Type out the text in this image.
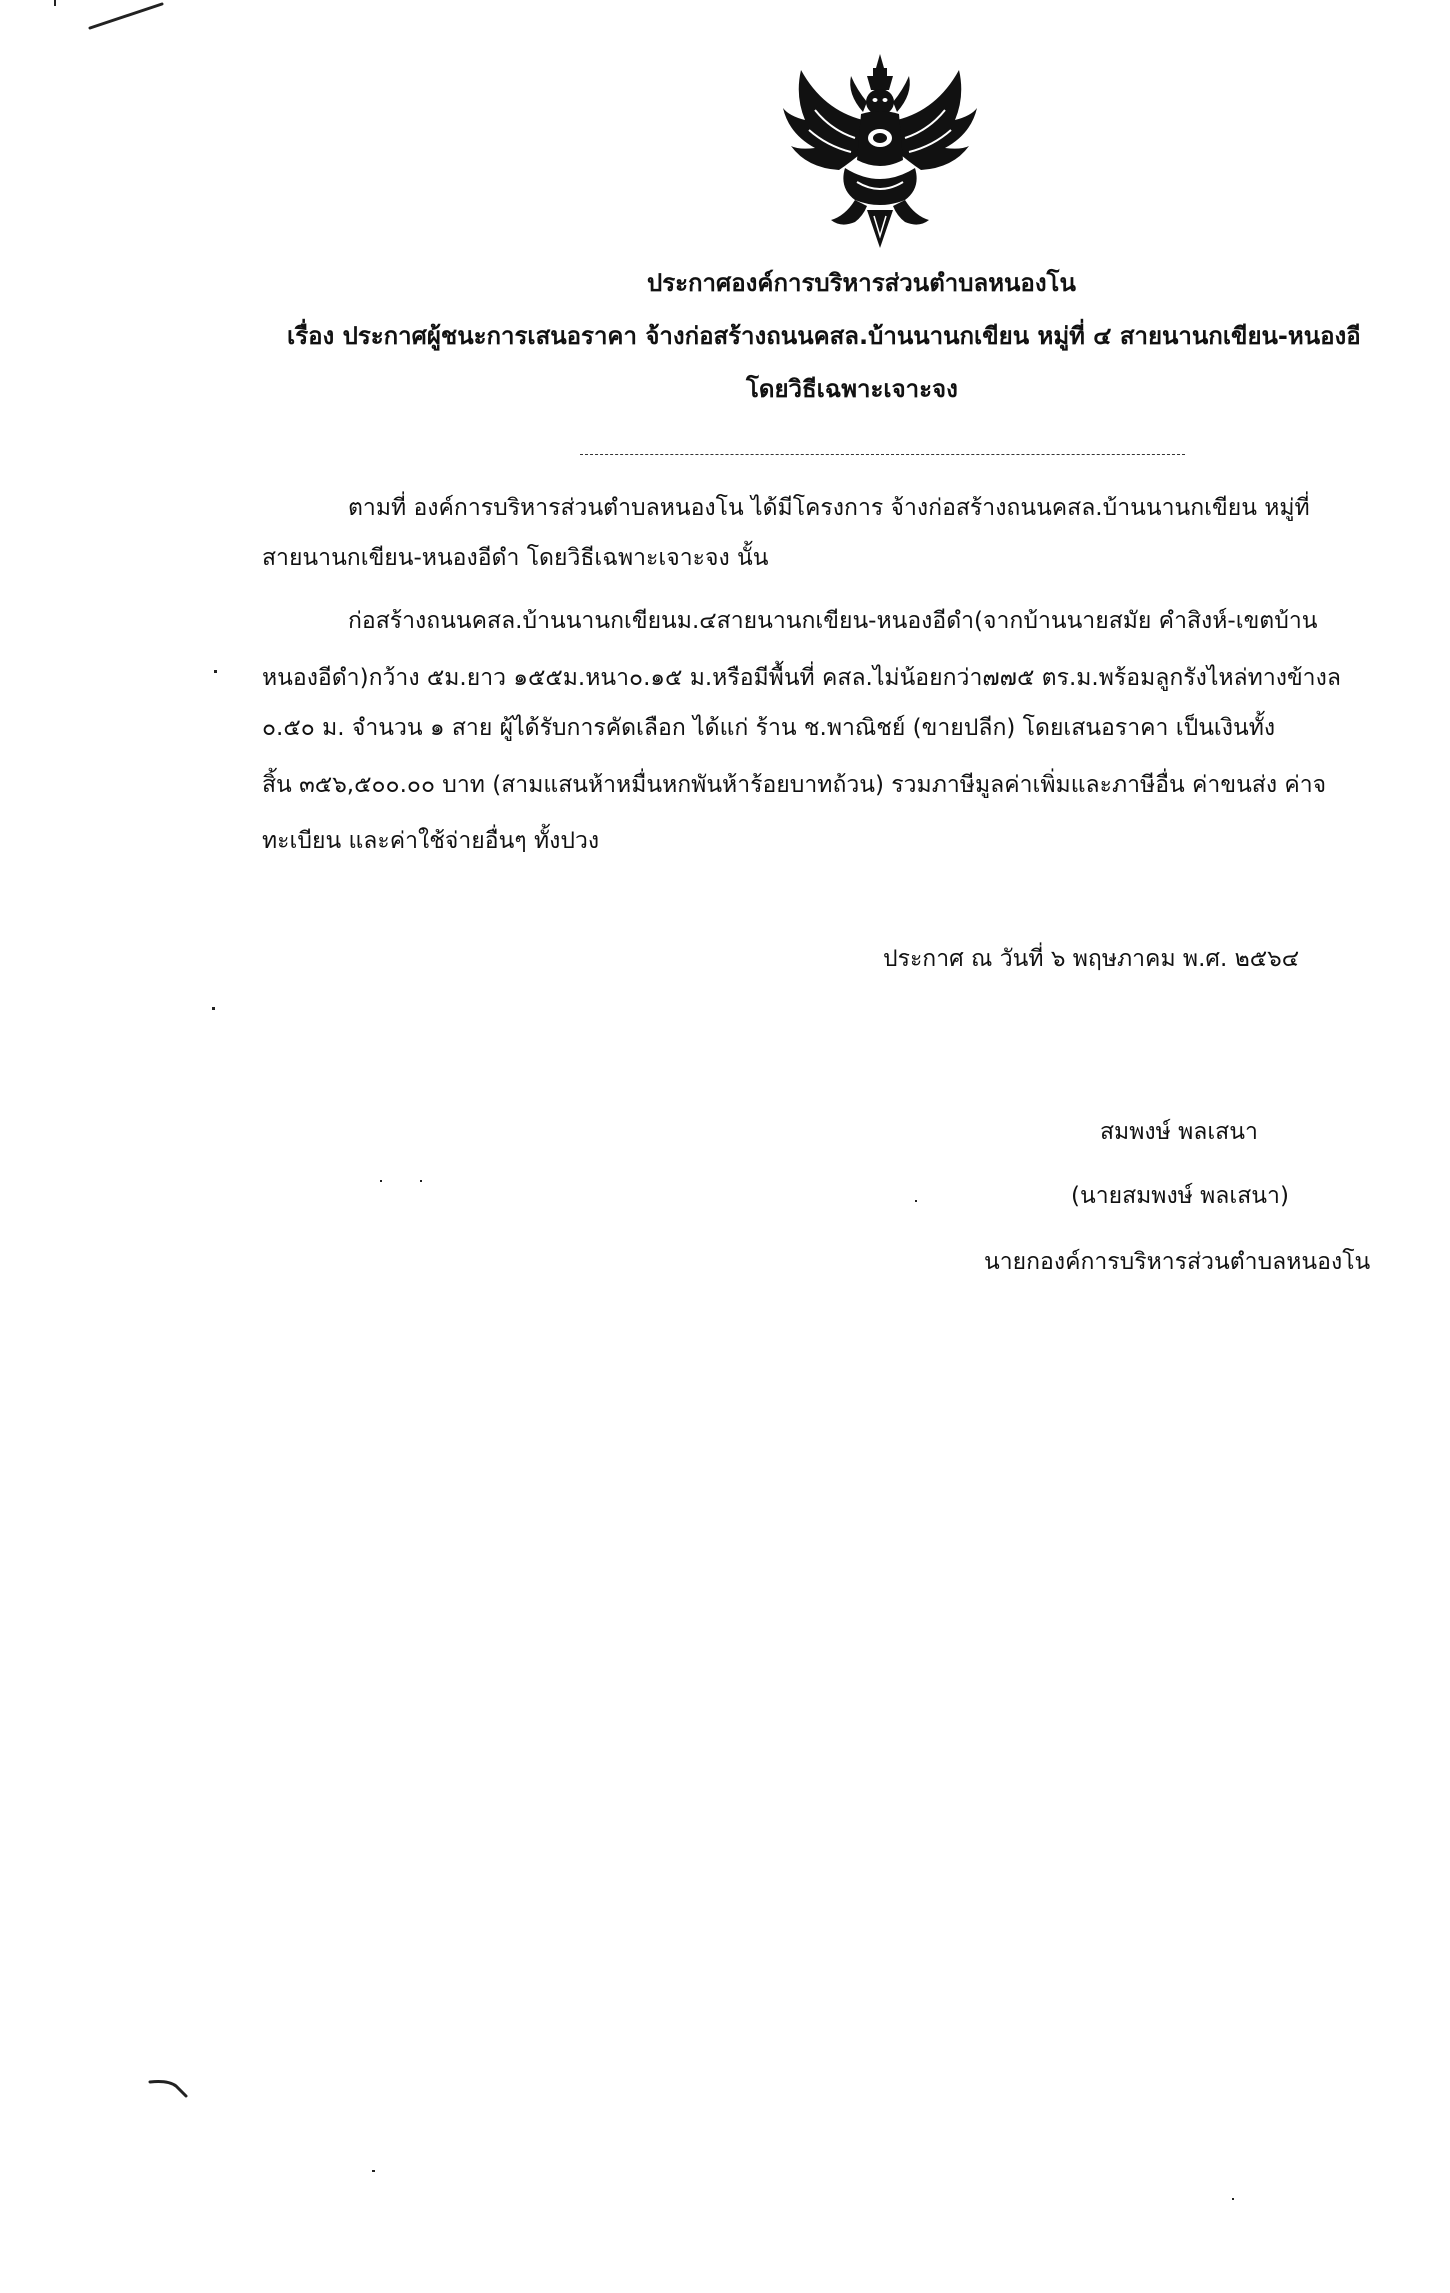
ประกาศองค์การบริหารส่วนตำบลหนองโน
เรื่อง ประกาศผู้ชนะการเสนอราคา จ้างก่อสร้างถนนคสล.บ้านนานกเขียน หมู่ที่ ๔ สายนานกเขียน-หนองอี
โดยวิธีเฉพาะเจาะจง
ตามที่ องค์การบริหารส่วนตำบลหนองโน ได้มีโครงการ จ้างก่อสร้างถนนคสล.บ้านนานกเขียน หมู่ที่
สายนานกเขียน-หนองอีดำ โดยวิธีเฉพาะเจาะจง นั้น
ก่อสร้างถนนคสล.บ้านนานกเขียนม.๔สายนานกเขียน-หนองอีดำ(จากบ้านนายสมัย คำสิงห์-เขตบ้าน
หนองอีดำ)กว้าง ๕ม.ยาว ๑๕๕ม.หนา๐.๑๕ ม.หรือมีพื้นที่ คสล.ไม่น้อยกว่า๗๗๕ ตร.ม.พร้อมลูกรังไหล่ทางข้างล
๐.๕๐ ม. จำนวน ๑ สาย ผู้ได้รับการคัดเลือก ได้แก่ ร้าน ช.พาณิชย์ (ขายปลีก) โดยเสนอราคา เป็นเงินทั้ง
สิ้น ๓๕๖,๕๐๐.๐๐ บาท (สามแสนห้าหมื่นหกพันห้าร้อยบาทถ้วน) รวมภาษีมูลค่าเพิ่มและภาษีอื่น ค่าขนส่ง ค่าจ
ทะเบียน และค่าใช้จ่ายอื่นๆ ทั้งปวง
ประกาศ ณ วันที่ ๖ พฤษภาคม พ.ศ. ๒๕๖๔
สมพงษ์ พลเสนา
(นายสมพงษ์ พลเสนา)
นายกองค์การบริหารส่วนตำบลหนองโน
